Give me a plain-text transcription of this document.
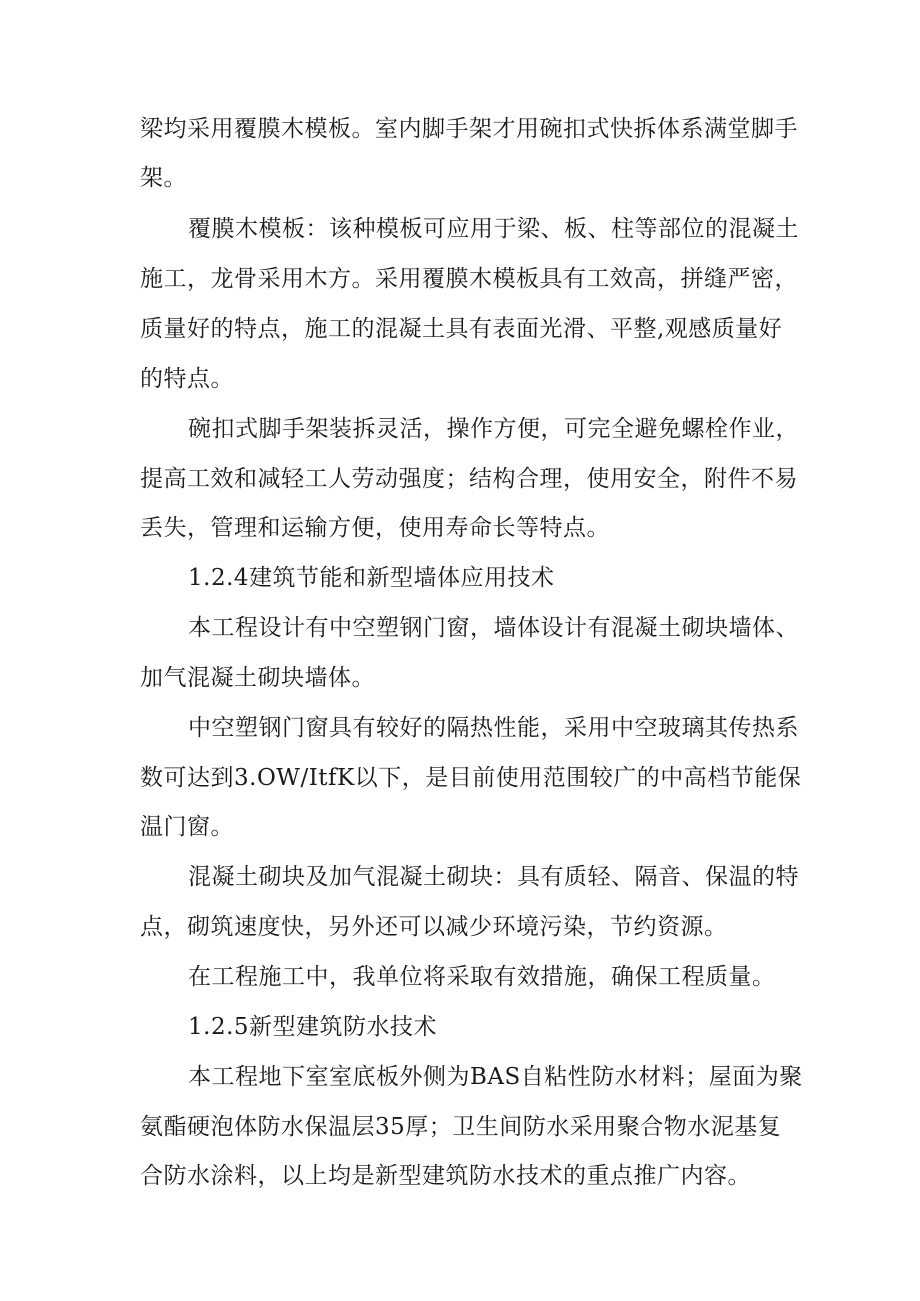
梁均采用覆膜木模板。室内脚手架才用碗扣式快拆体系满堂脚手
架。
覆膜木模板：该种模板可应用于梁、板、柱等部位的混凝土
施工，龙骨采用木方。采用覆膜木模板具有工效高，拼缝严密，
质量好的特点，施工的混凝土具有表面光滑、平整,观感质量好
的特点。
碗扣式脚手架装拆灵活，操作方便，可完全避免螺栓作业，
提高工效和减轻工人劳动强度；结构合理，使用安全，附件不易
丢失，管理和运输方便，使用寿命长等特点。
1.2.4建筑节能和新型墙体应用技术
本工程设计有中空塑钢门窗，墙体设计有混凝土砌块墙体、
加气混凝土砌块墙体。
中空塑钢门窗具有较好的隔热性能，采用中空玻璃其传热系
数可达到3.OW/ItfK以下，是目前使用范围较广的中高档节能保
温门窗。
混凝土砌块及加气混凝土砌块：具有质轻、隔音、保温的特
点，砌筑速度快，另外还可以减少环境污染，节约资源。
在工程施工中，我单位将采取有效措施，确保工程质量。
1.2.5新型建筑防水技术
本工程地下室室底板外侧为BAS自粘性防水材料；屋面为聚
氨酯硬泡体防水保温层35厚；卫生间防水采用聚合物水泥基复
合防水涂料，以上均是新型建筑防水技术的重点推广内容。
